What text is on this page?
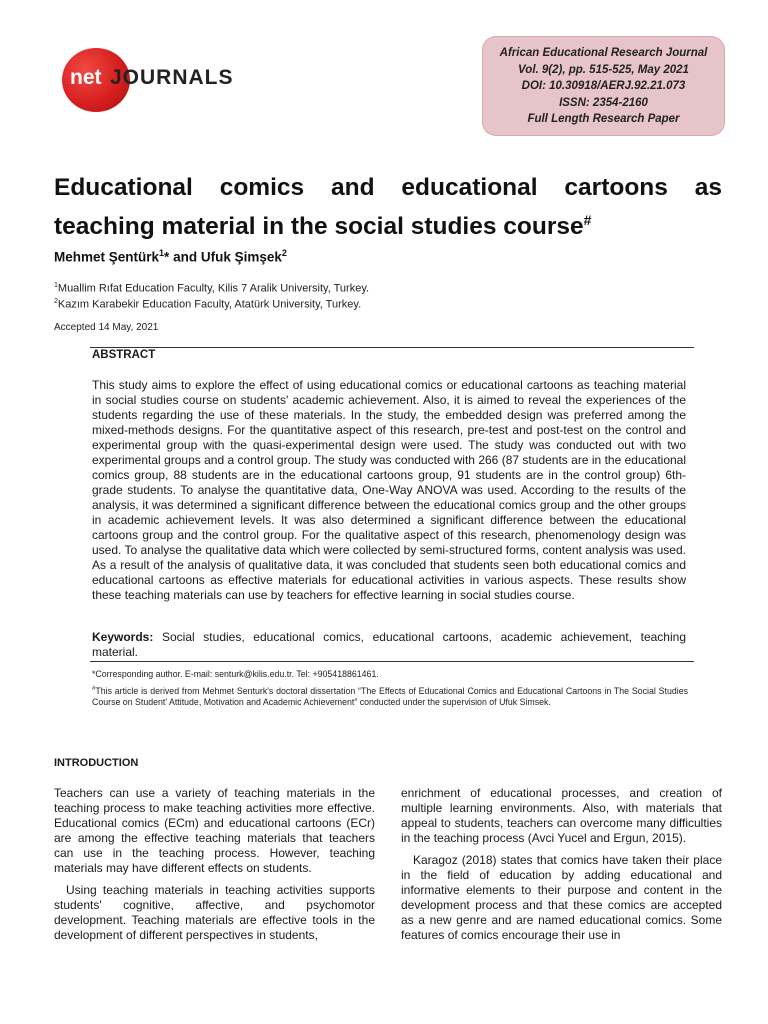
net JOURNALS
African Educational Research Journal
Vol. 9(2), pp. 515-525, May 2021
DOI: 10.30918/AERJ.92.21.073
ISSN: 2354-2160
Full Length Research Paper
Educational comics and educational cartoons as teaching material in the social studies course#
Mehmet Şentürk$^1$* and Ufuk Şimşek$^2$
$^1$Muallim Rıfat Education Faculty, Kilis 7 Aralik University, Turkey.
$^2$Kazım Karabekir Education Faculty, Atatürk University, Turkey.
Accepted 14 May, 2021
ABSTRACT
This study aims to explore the effect of using educational comics or educational cartoons as teaching material in social studies course on students' academic achievement. Also, it is aimed to reveal the experiences of the students regarding the use of these materials. In the study, the embedded design was preferred among the mixed-methods designs. For the quantitative aspect of this research, pre-test and post-test on the control and experimental group with the quasi-experimental design were used. The study was conducted out with two experimental groups and a control group. The study was conducted with 266 (87 students are in the educational comics group, 88 students are in the educational cartoons group, 91 students are in the control group) 6th-grade students. To analyse the quantitative data, One-Way ANOVA was used. According to the results of the analysis, it was determined a significant difference between the educational comics group and the other groups in academic achievement levels. It was also determined a significant difference between the educational cartoons group and the control group. For the qualitative aspect of this research, phenomenology design was used. To analyse the qualitative data which were collected by semi-structured forms, content analysis was used. As a result of the analysis of qualitative data, it was concluded that students seen both educational comics and educational cartoons as effective materials for educational activities in various aspects. These results show these teaching materials can use by teachers for effective learning in social studies course.
Keywords: Social studies, educational comics, educational cartoons, academic achievement, teaching material.
*Corresponding author. E-mail: senturk@kilis.edu.tr. Tel: +905418861461.
#This article is derived from Mehmet Senturk's doctoral dissertation “The Effects of Educational Comics and Educational Cartoons in The Social Studies Course on Student' Attitude, Motivation and Academic Achievement” conducted under the supervision of Ufuk Simsek.
INTRODUCTION

Teachers can use a variety of teaching materials in the teaching process to make teaching activities more effective. Educational comics (ECm) and educational cartoons (ECr) are among the effective teaching materials that teachers can use in the teaching process. However, teaching materials may have different effects on students.

Using teaching materials in teaching activities supports students' cognitive, affective, and psychomotor development. Teaching materials are effective tools in the development of different perspectives in students,

enrichment of educational processes, and creation of multiple learning environments. Also, with materials that appeal to students, teachers can overcome many difficulties in the teaching process (Avci Yucel and Ergun, 2015).

Karagoz (2018) states that comics have taken their place in the field of education by adding educational and informative elements to their purpose and content in the development process and that these comics are accepted as a new genre and are named educational comics. Some features of comics encourage their use in
